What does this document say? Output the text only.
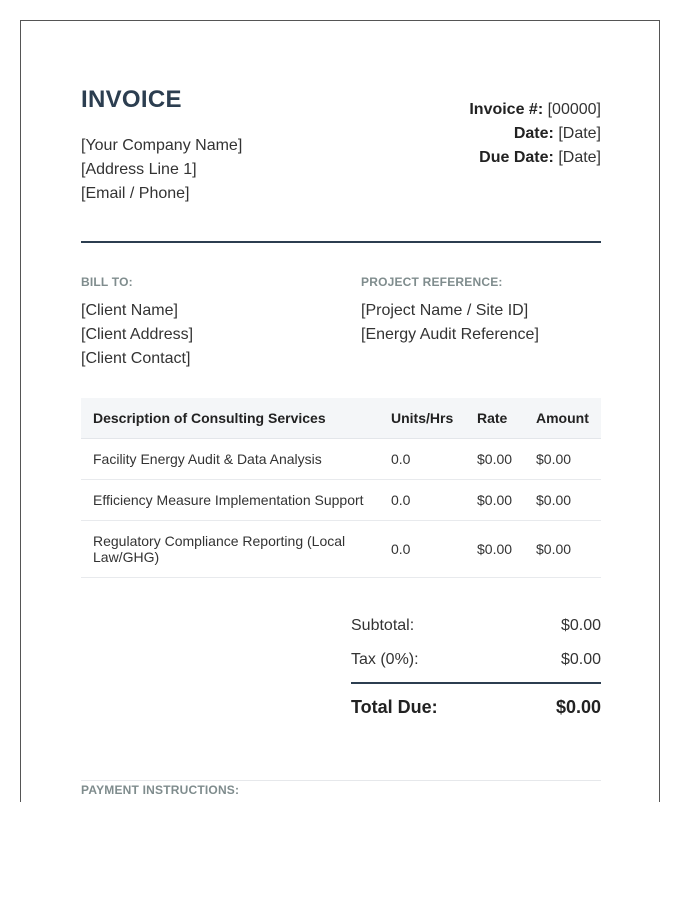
INVOICE
[Your Company Name]
[Address Line 1]
[Email / Phone]
Invoice #: [00000]
Date: [Date]
Due Date: [Date]
BILL TO:
[Client Name]
[Client Address]
[Client Contact]
PROJECT REFERENCE:
[Project Name / Site ID]
[Energy Audit Reference]
Description of Consulting Services	Units/Hrs	Rate	Amount
Facility Energy Audit & Data Analysis	0.0	$0.00	$0.00
Efficiency Measure Implementation Support	0.0	$0.00	$0.00

Regulatory Compliance Reporting (Local Law/GHG)	0.0	$0.00	$0.00
Subtotal:	$0.00
Tax (0%):	$0.00
Total Due:	$0.00
PAYMENT INSTRUCTIONS:
